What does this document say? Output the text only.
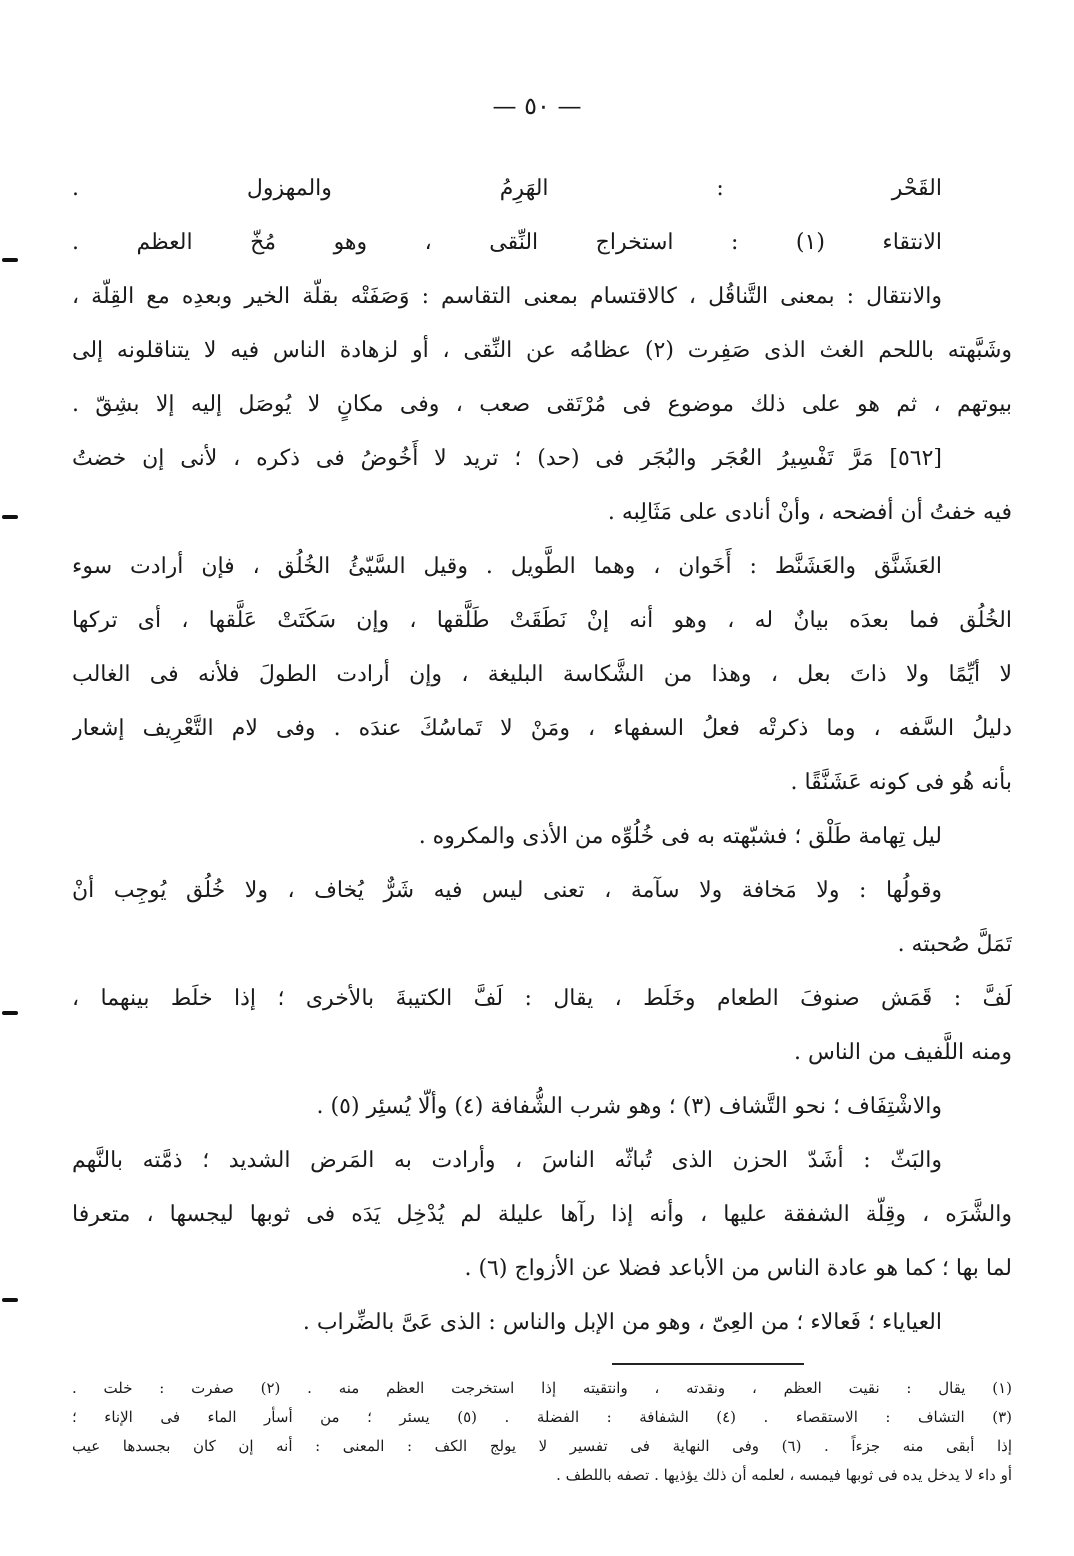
— ٥٠ —
القَحْر : الهَرِمُ والمهزول .
الانتقاء (١) : استخراج النِّقى ، وهو مُخّ العظم .
والانتقال : بمعنى التَّناقُل ، كالاقتسام بمعنى التقاسم : وَصَفَتْه بقلّة الخير وبعدِه مع القِلّة ،
وشَبَّهته باللحم الغث الذى صَفِرت (٢) عظامُه عن النِّقى ، أو لزهادة الناس فيه لا يتناقلونه إلى
بيوتهم ، ثم هو على ذلك موضوع فى مُرْتَقى صعب ، وفى مكانٍ لا يُوصَل إليه إلا بشِقّ .
[٥٦٢] مَرَّ تَفْسِيرُ العُجَر والبُجَر فى (حد) ؛ تريد لا أَخُوضُ فى ذكره ، لأنى إن خضتُ
فيه خفتُ أن أفضحه ، وأنْ أنادى على مَثَالِبه .
العَشَنَّق والعَشَنَّط : أَخَوان ، وهما الطَّويل . وقيل السَّيّئُ الخُلُق ، فإن أرادت سوء
الخُلُق فما بعدَه بيانٌ له ، وهو أنه إنْ نَطَقَتْ طَلَّقها ، وإن سَكَتَتْ عَلَّقها ، أى تركها
لا أيِّمًا ولا ذاتَ بعل ، وهذا من الشَّكاسة البليغة ، وإن أرادت الطولَ فلأنه فى الغالب
دليلُ السَّفه ، وما ذكرتْه فعلُ السفهاء ، ومَنْ لا تَماسُكَ عندَه . وفى لام التَّعْرِيف إشعار
بأنه هُو فى كونه عَشَنَّقًا .
ليل تِهامة طَلْق ؛ فشبّهته به فى خُلُوِّه من الأذى والمكروه .
وقولُها : ولا مَخافة ولا سآمة ، تعنى ليس فيه شَرٌّ يُخاف ، ولا خُلُق يُوجِب أنْ
تَمَلَّ صُحبته .
لَفَّ : قَمَش صنوفَ الطعام وخَلَط ، يقال : لَفَّ الكتيبةَ بالأخرى ؛ إذا خلَط بينهما ،
ومنه اللَّفيف من الناس .
والاشْتِفَاف ؛ نحو التَّشاف (٣) ؛ وهو شرب الشُّفافة (٤) وألّا يُسئِر (٥) .
والبَثّ : أشَدّ الحزن الذى تُباثّه الناسَ ، وأرادت به المَرض الشديد ؛ ذمَّته بالنَّهم
والشَّرَه ، وقِلّة الشفقة عليها ، وأنه إذا رآها عليلة لم يُدْخِل يَدَه فى ثوبها ليجسها ، متعرفا
لما بها ؛ كما هو عادة الناس من الأباعد فضلا عن الأزواج (٦) .
العياياء ؛ فَعالاء ؛ من العِىّ ، وهو من الإبل والناس : الذى عَىَّ بالضِّراب .
(١) يقال : نقيت العظم ، ونقدته ، وانتقيته إذا استخرجت العظم منه . (٢) صفرت : خلت .
(٣) التشاف : الاستقصاء . (٤) الشفافة : الفضلة . (٥) يسئر ؛ من أسأر الماء فى الإناء ؛
إذا أبقى منه جزءاً . (٦) وفى النهاية فى تفسير لا يولج الكف : المعنى : أنه إن كان بجسدها عيب
أو داء لا يدخل يده فى ثوبها فيمسه ، لعلمه أن ذلك يؤذيها . تصفه باللطف .
